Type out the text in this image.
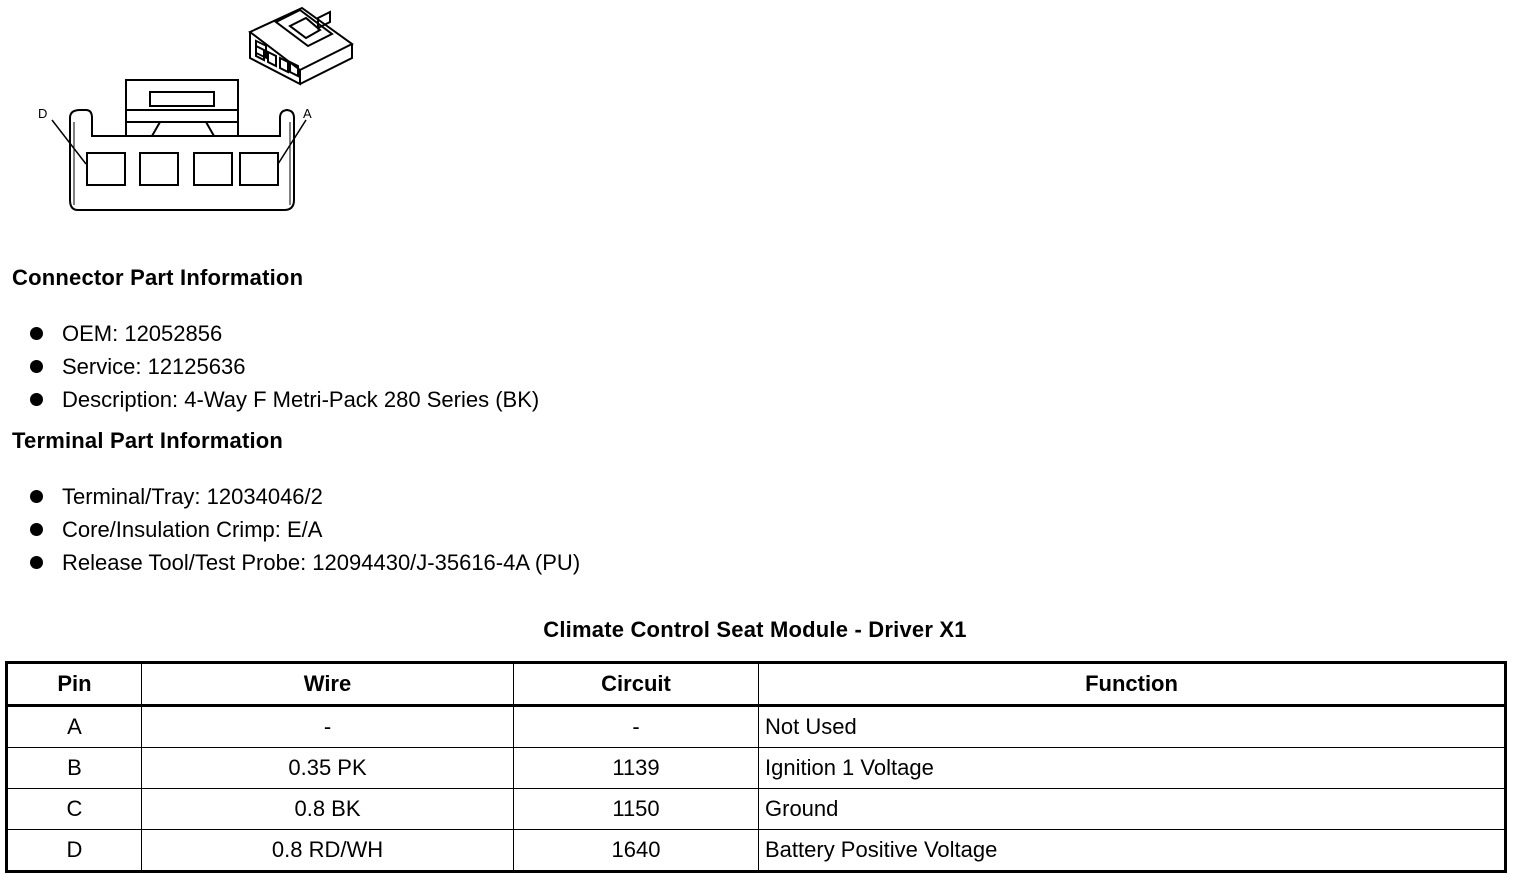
D	A
Connector Part Information
OEM: 12052856
Service: 12125636
Description: 4-Way F Metri-Pack 280 Series (BK)
Terminal Part Information
Terminal/Tray: 12034046/2
Core/Insulation Crimp: E/A
Release Tool/Test Probe: 12094430/J-35616-4A (PU)
Climate Control Seat Module - Driver X1
Pin	Wire	Circuit	Function
A	-	-	Not Used
B	0.35 PK	1139	Ignition 1 Voltage
C	0.8 BK	1150	Ground
D	0.8 RD/WH	1640	Battery Positive Voltage
